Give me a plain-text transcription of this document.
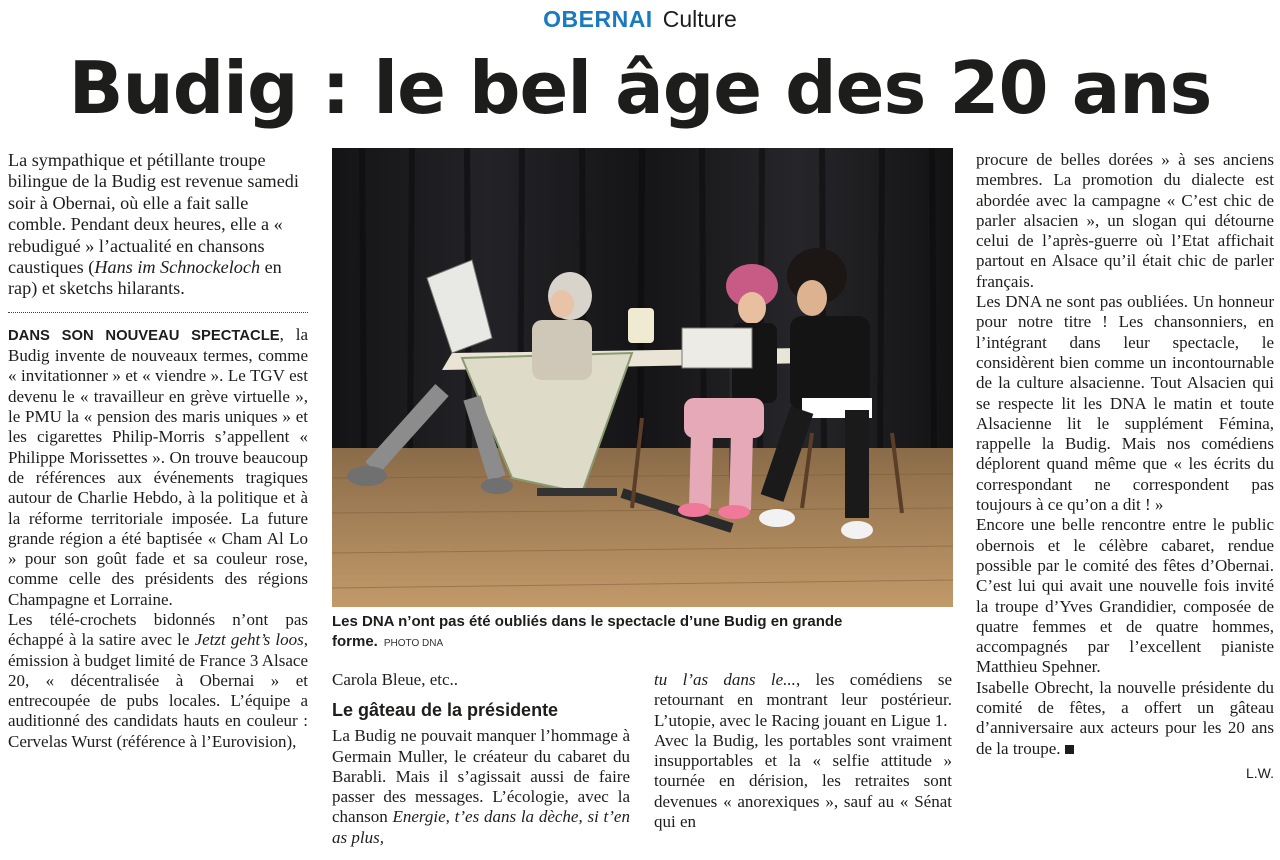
OBERNAI Culture
Budig : le bel âge des 20 ans
Les DNA n’ont pas été oubliés dans le spectacle d’une Budig en grande forme. PHOTO DNA

La sympathique et pétillante troupe bilingue de la Budig est revenue samedi soir à Obernai, où elle a fait salle comble. Pendant deux heures, elle a « rebudigué » l’actualité en chansons caustiques (Hans im Schnockeloch en rap) et sketchs hilarants.

DANS SON NOUVEAU SPECTACLE, la Budig invente de nouveaux termes, comme « invitationner » et « viendre ». Le TGV est devenu le « travailleur en grève virtuelle », le PMU la « pension des maris uniques » et les cigarettes Philip-Morris s’appellent « Philippe Morissettes ». On trouve beaucoup de références aux événements tragiques autour de Charlie Hebdo, à la politique et à la réforme territoriale imposée. La future grande région a été baptisée « Cham Al Lo » pour son goût fade et sa couleur rose, comme celle des présidents des régions Champagne et Lorraine.

Les télé-crochets bidonnés n’ont pas échappé à la satire avec le Jetzt geht’s loos, émission à budget limité de France 3 Alsace 20, « décentralisée à Obernai » et entrecoupée de pubs locales. L’équipe a auditionné des candidats hauts en couleur : Cervelas Wurst (référence à l’Eurovision),

Carola Bleue, etc..

Le gâteau de la présidente

La Budig ne pouvait manquer l’hommage à Germain Muller, le créateur du cabaret du Barabli. Mais il s’agissait aussi de faire passer des messages. L’écologie, avec la chanson Energie, t’es dans la dèche, si t’en as plus,

tu l’as dans le..., les comédiens se retournant en montrant leur postérieur. L’utopie, avec le Racing jouant en Ligue 1.

Avec la Budig, les portables sont vraiment insupportables et la « selfie attitude » tournée en dérision, les retraites sont devenues « anorexiques », sauf au « Sénat qui en

procure de belles dorées » à ses anciens membres. La promotion du dialecte est abordée avec la campagne « C’est chic de parler alsacien », un slogan qui détourne celui de l’après-guerre où l’Etat affichait partout en Alsace qu’il était chic de parler français.

Les DNA ne sont pas oubliées. Un honneur pour notre titre ! Les chansonniers, en l’intégrant dans leur spectacle, le considèrent bien comme un incontournable de la culture alsacienne. Tout Alsacien qui se respecte lit les DNA le matin et toute Alsacienne lit le supplément Fémina, rappelle la Budig. Mais nos comédiens déplorent quand même que « les écrits du correspondant ne correspondent pas toujours à ce qu’on a dit ! »

Encore une belle rencontre entre le public obernois et le célèbre cabaret, rendue possible par le comité des fêtes d’Obernai. C’est lui qui avait une nouvelle fois invité la troupe d’Yves Grandidier, composée de quatre femmes et de quatre hommes, accompagnés par l’excellent pianiste Matthieu Spehner.

Isabelle Obrecht, la nouvelle présidente du comité de fêtes, a offert un gâteau d’anniversaire aux acteurs pour les 20 ans de la troupe.

L.W.
